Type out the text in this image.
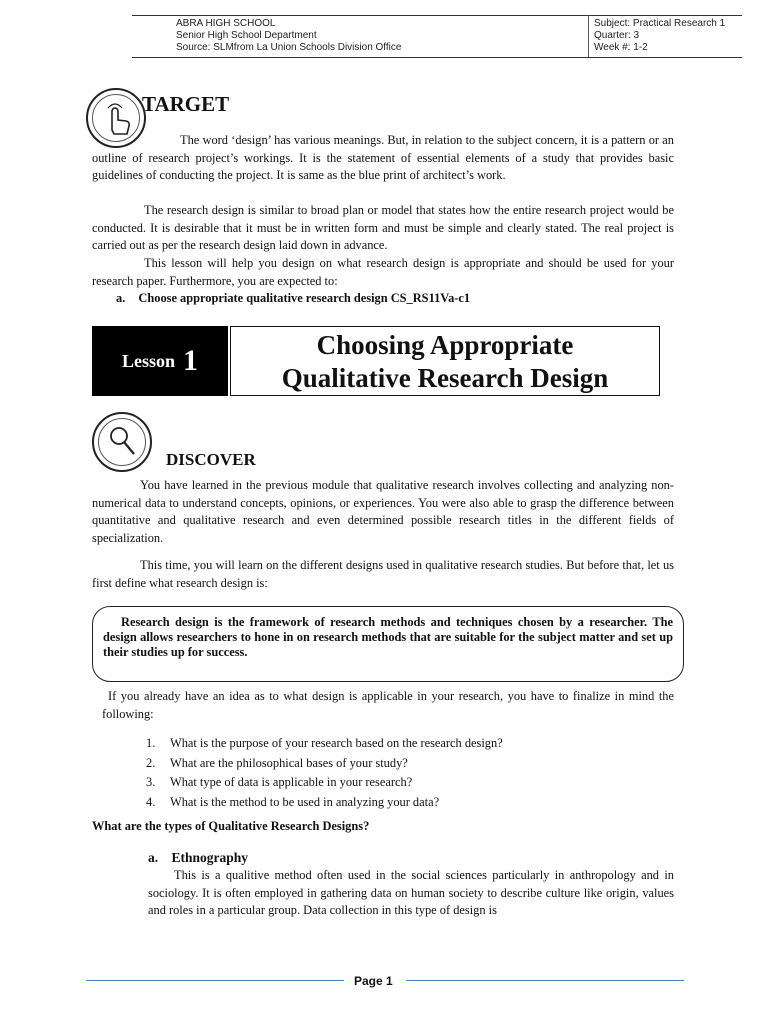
ABRA HIGH SCHOOL
Senior High School Department
Source: SLMfrom La Union Schools Division Office
Subject: Practical Research 1
Quarter: 3
Week #: 1-2
TARGET
The word ‘design’ has various meanings. But, in relation to the subject concern, it is a pattern or an outline of research project’s workings. It is the statement of essential elements of a study that provides basic guidelines of conducting the project. It is same as the blue print of architect’s work.
The research design is similar to broad plan or model that states how the entire research project would be conducted. It is desirable that it must be in written form and must be simple and clearly stated. The real project is carried out as per the research design laid down in advance.
This lesson will help you design on what research design is appropriate and should be used for your research paper. Furthermore, you are expected to:
a. Choose appropriate qualitative research design CS_RS11Va-c1
Lesson 1	Choosing Appropriate
Qualitative Research Design
DISCOVER
You have learned in the previous module that qualitative research involves collecting and analyzing non-numerical data to understand concepts, opinions, or experiences. You were also able to grasp the difference between quantitative and qualitative research and even determined possible research titles in the different fields of specialization.
This time, you will learn on the different designs used in qualitative research studies. But before that, let us first define what research design is:
Research design is the framework of research methods and techniques chosen by a researcher. The design allows researchers to hone in on research methods that are suitable for the subject matter and set up their studies up for success.
If you already have an idea as to what design is applicable in your research, you have to finalize in mind the following:
1. What is the purpose of your research based on the research design?
2. What are the philosophical bases of your study?
3. What type of data is applicable in your research?
4. What is the method to be used in analyzing your data?
What are the types of Qualitative Research Designs?
a. Ethnography
This is a qualitive method often used in the social sciences particularly in anthropology and in sociology. It is often employed in gathering data on human society to describe culture like origin, values and roles in a particular group. Data collection in this type of design is
Page 1
